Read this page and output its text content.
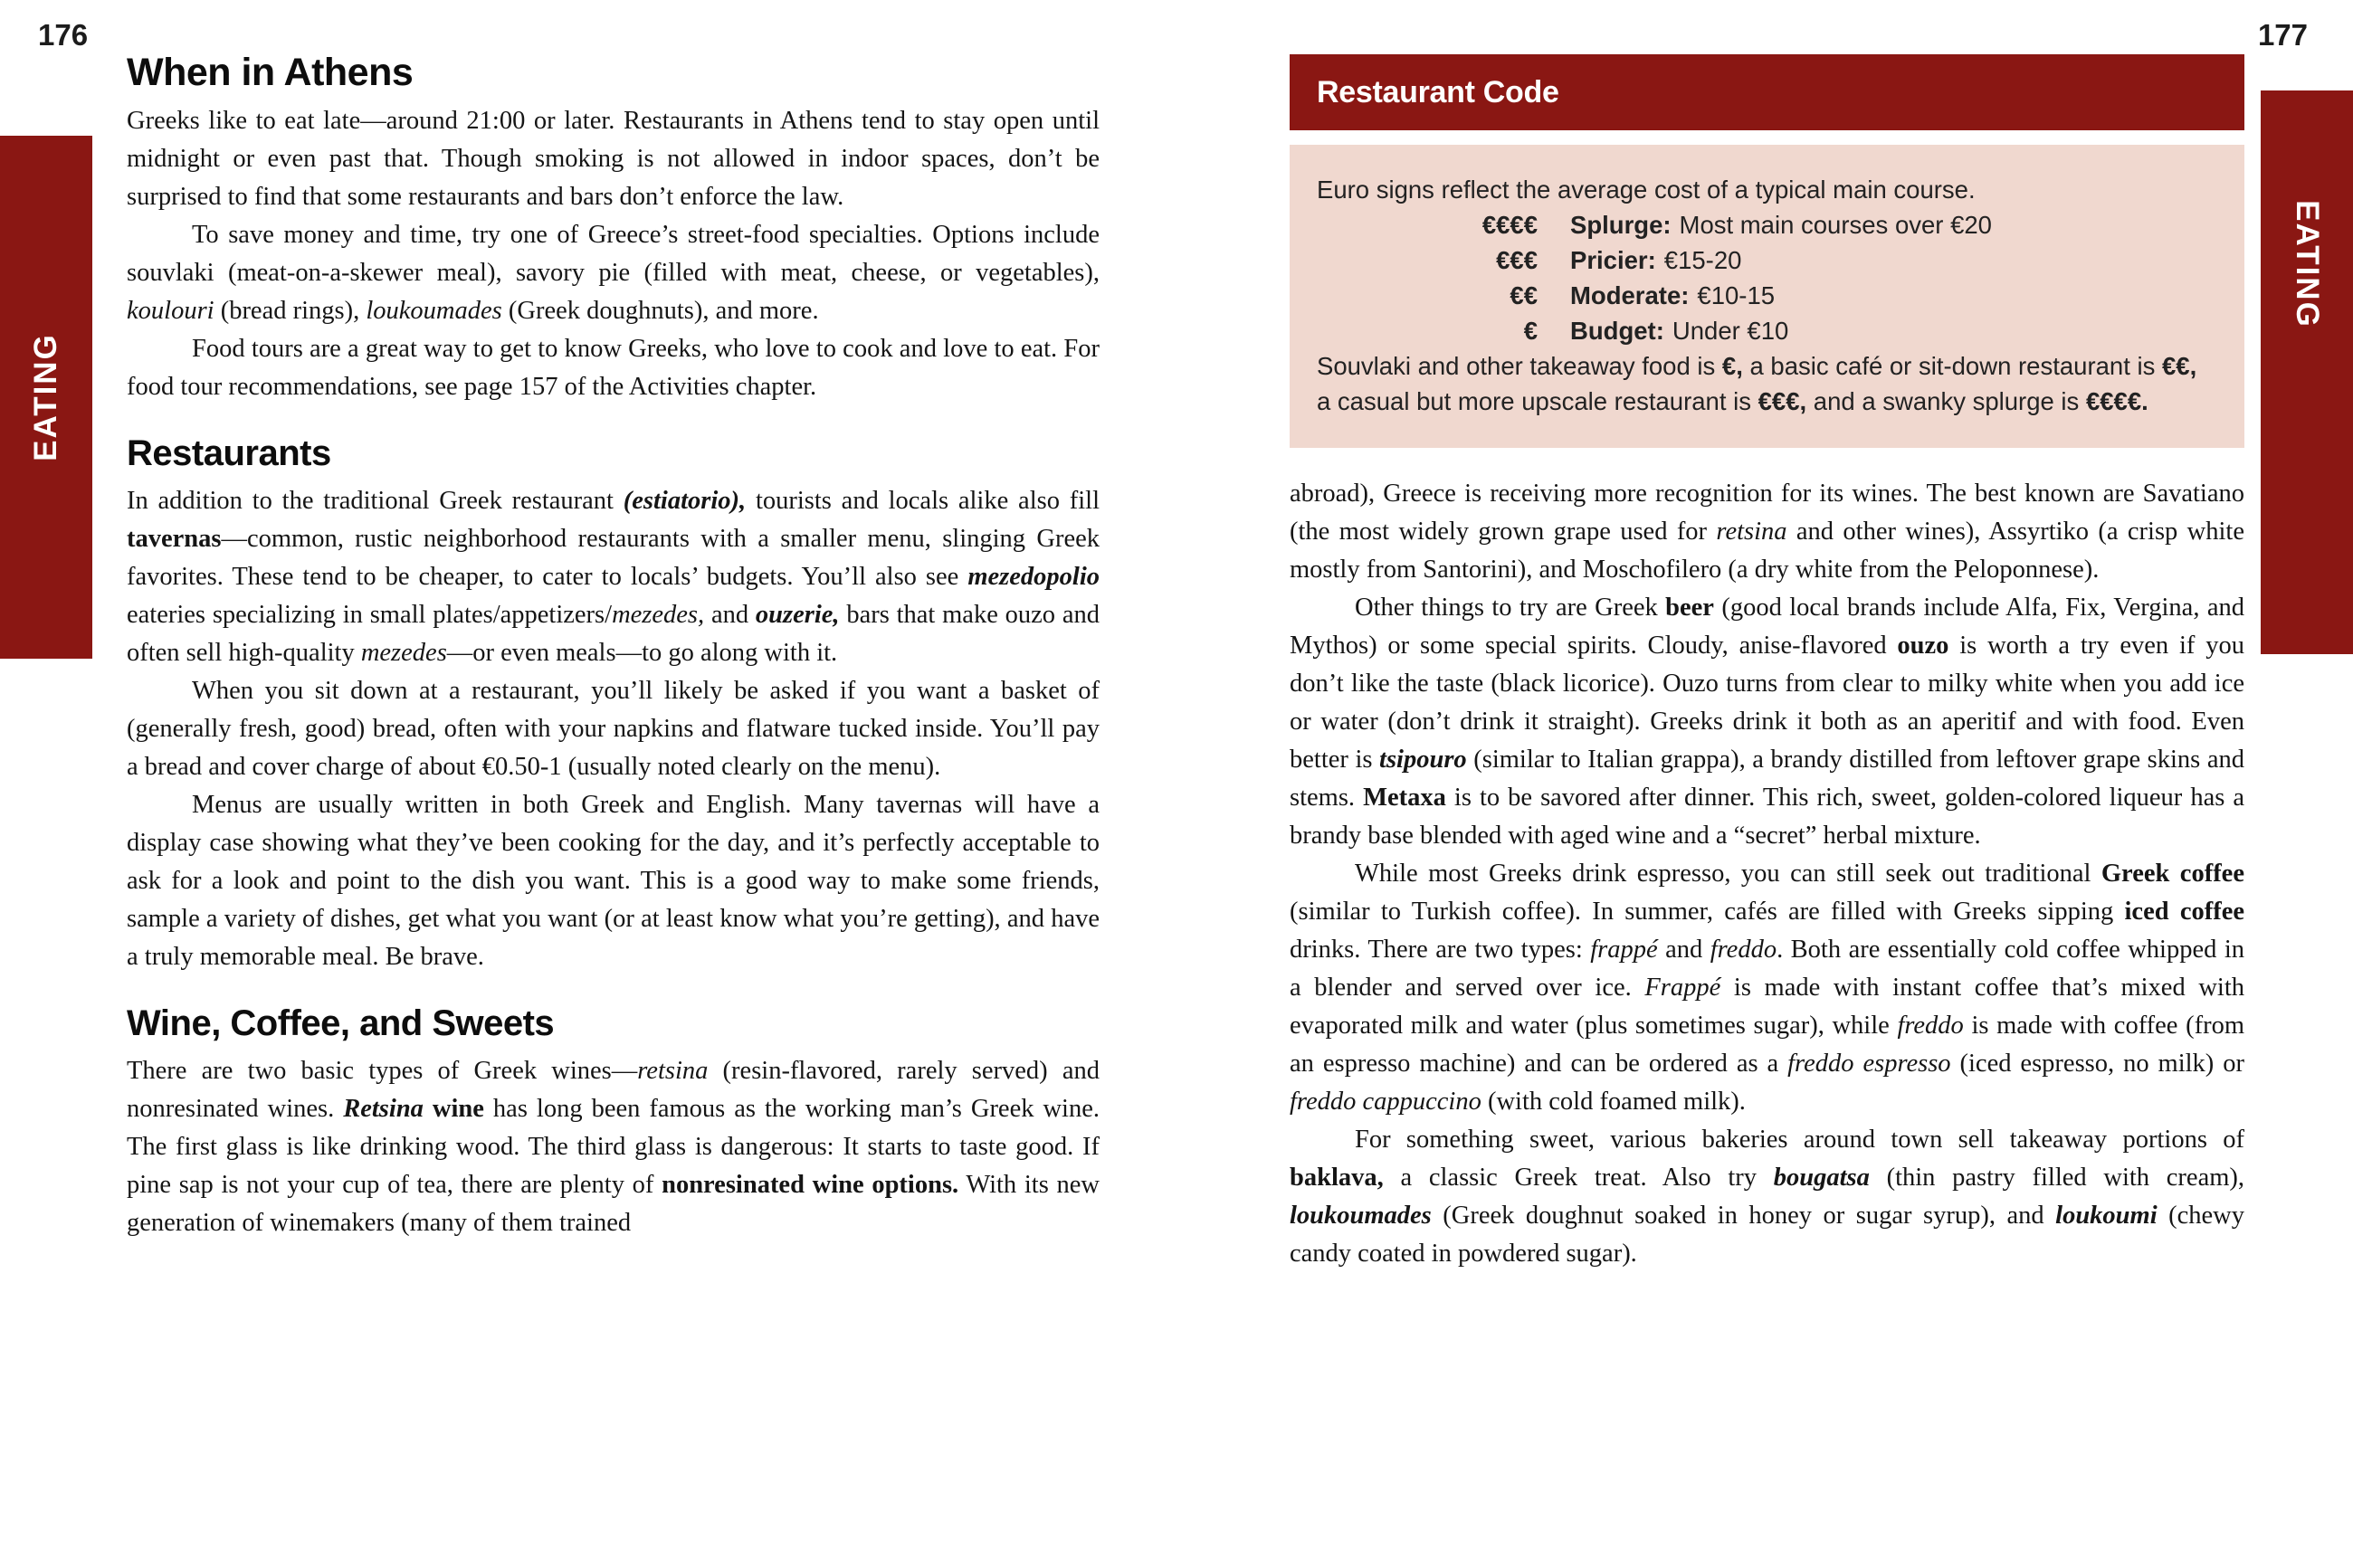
176
EATING
When in Athens

Greeks like to eat late—around 21:00 or later. Restaurants in Athens tend to stay open until midnight or even past that. Though smoking is not allowed in indoor spaces, don’t be surprised to find that some restaurants and bars don’t enforce the law.

To save money and time, try one of Greece’s street-food specialties. Options include souvlaki (meat-on-a-skewer meal), savory pie (filled with meat, cheese, or vegetables), koulouri (bread rings), loukoumades (Greek doughnuts), and more.

Food tours are a great way to get to know Greeks, who love to cook and love to eat. For food tour recommendations, see page 157 of the Activities chapter.

Restaurants

In addition to the traditional Greek restaurant (estiatorio), tourists and locals alike also fill tavernas—common, rustic neighborhood restaurants with a smaller menu, slinging Greek favorites. These tend to be cheaper, to cater to locals’ budgets. You’ll also see mezedopolio eateries specializing in small plates/appetizers/mezedes, and ouzerie, bars that make ouzo and often sell high-quality mezedes—or even meals—to go along with it.

When you sit down at a restaurant, you’ll likely be asked if you want a basket of (generally fresh, good) bread, often with your napkins and flatware tucked inside. You’ll pay a bread and cover charge of about €0.50-1 (usually noted clearly on the menu).

Menus are usually written in both Greek and English. Many tavernas will have a display case showing what they’ve been cooking for the day, and it’s perfectly acceptable to ask for a look and point to the dish you want. This is a good way to make some friends, sample a variety of dishes, get what you want (or at least know what you’re getting), and have a truly memorable meal. Be brave.

Wine, Coffee, and Sweets

There are two basic types of Greek wines—retsina (resin-flavored, rarely served) and nonresinated wines. Retsina wine has long been famous as the working man’s Greek wine. The first glass is like drinking wood. The third glass is dangerous: It starts to taste good. If pine sap is not your cup of tea, there are plenty of nonresinated wine options. With its new generation of winemakers (many of them trained

177
EATING
Restaurant Code

Euro signs reflect the average cost of a typical main course.

€€€€	Splurge: Most main courses over €20
€€€	Pricier: €15-20
€€	Moderate: €10-15
€	Budget: Under €10

Souvlaki and other takeaway food is €, a basic café or sit-down restaurant is €€, a casual but more upscale restaurant is €€€, and a swanky splurge is €€€€.

abroad), Greece is receiving more recognition for its wines. The best known are Savatiano (the most widely grown grape used for retsina and other wines), Assyrtiko (a crisp white mostly from Santorini), and Moschofilero (a dry white from the Peloponnese).

Other things to try are Greek beer (good local brands include Alfa, Fix, Vergina, and Mythos) or some special spirits. Cloudy, anise-flavored ouzo is worth a try even if you don’t like the taste (black licorice). Ouzo turns from clear to milky white when you add ice or water (don’t drink it straight). Greeks drink it both as an aperitif and with food. Even better is tsipouro (similar to Italian grappa), a brandy distilled from leftover grape skins and stems. Metaxa is to be savored after dinner. This rich, sweet, golden-colored liqueur has a brandy base blended with aged wine and a “secret” herbal mixture.

While most Greeks drink espresso, you can still seek out traditional Greek coffee (similar to Turkish coffee). In summer, cafés are filled with Greeks sipping iced coffee drinks. There are two types: frappé and freddo. Both are essentially cold coffee whipped in a blender and served over ice. Frappé is made with instant coffee that’s mixed with evaporated milk and water (plus sometimes sugar), while freddo is made with coffee (from an espresso machine) and can be ordered as a freddo espresso (iced espresso, no milk) or freddo cappuccino (with cold foamed milk).

For something sweet, various bakeries around town sell takeaway portions of baklava, a classic Greek treat. Also try bougatsa (thin pastry filled with cream), loukoumades (Greek doughnut soaked in honey or sugar syrup), and loukoumi (chewy candy coated in powdered sugar).
